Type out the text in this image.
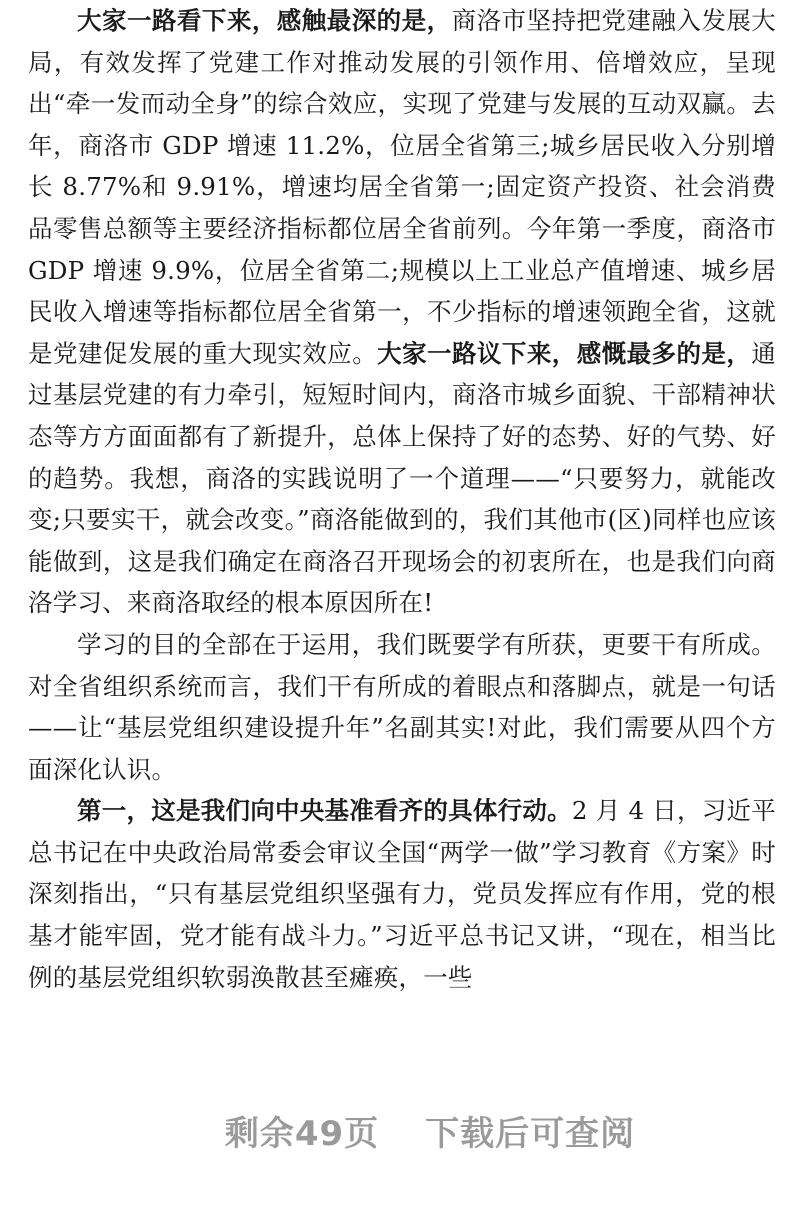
大家一路看下来，感触最深的是，商洛市坚持把党建融入发展大局，有效发挥了党建工作对推动发展的引领作用、倍增效应，呈现出“牵一发而动全身”的综合效应，实现了党建与发展的互动双赢。去年，商洛市 GDP 增速 11.2%，位居全省第三;城乡居民收入分别增长 8.77%和 9.91%，增速均居全省第一;固定资产投资、社会消费品零售总额等主要经济指标都位居全省前列。今年第一季度，商洛市 GDP 增速 9.9%，位居全省第二;规模以上工业总产值增速、城乡居民收入增速等指标都位居全省第一，不少指标的增速领跑全省，这就是党建促发展的重大现实效应。大家一路议下来，感慨最多的是，通过基层党建的有力牵引，短短时间内，商洛市城乡面貌、干部精神状态等方方面面都有了新提升，总体上保持了好的态势、好的气势、好的趋势。我想，商洛的实践说明了一个道理——“只要努力，就能改变;只要实干，就会改变。”商洛能做到的，我们其他市(区)同样也应该能做到，这是我们确定在商洛召开现场会的初衷所在，也是我们向商洛学习、来商洛取经的根本原因所在!

学习的目的全部在于运用，我们既要学有所获，更要干有所成。对全省组织系统而言，我们干有所成的着眼点和落脚点，就是一句话——让“基层党组织建设提升年”名副其实!对此，我们需要从四个方面深化认识。

第一，这是我们向中央基准看齐的具体行动。2 月 4 日，习近平总书记在中央政治局常委会审议全国“两学一做”学习教育《方案》时深刻指出，“只有基层党组织坚强有力，党员发挥应有作用，党的根基才能牢固，党才能有战斗力。”习近平总书记又讲，“现在，相当比例的基层党组织软弱涣散甚至瘫痪，一些

剩余49页 下载后可查阅
